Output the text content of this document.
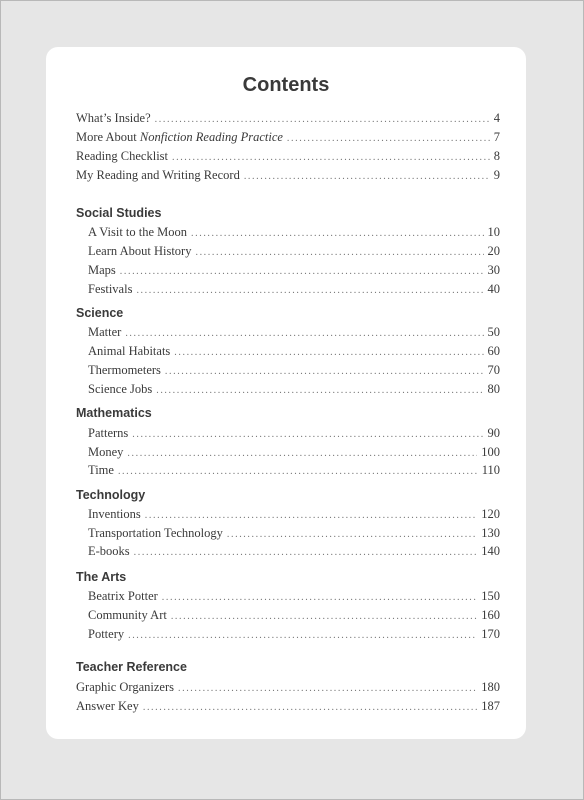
Contents
What’s Inside? .....	4
More About Nonfiction Reading Practice .....	7
Reading Checklist .....	8
My Reading and Writing Record .....	9
Social Studies
A Visit to the Moon .....	10
Learn About History .....	20
Maps .....	30
Festivals .....	40
Science
Matter .....	50
Animal Habitats .....	60
Thermometers .....	70
Science Jobs .....	80
Mathematics
Patterns .....	90
Money .....	100
Time .....	110
Technology
Inventions .....	120
Transportation Technology .....	130
E-books .....	140
The Arts
Beatrix Potter .....	150
Community Art .....	160
Pottery .....	170
Teacher Reference
Graphic Organizers .....	180
Answer Key .....	187
